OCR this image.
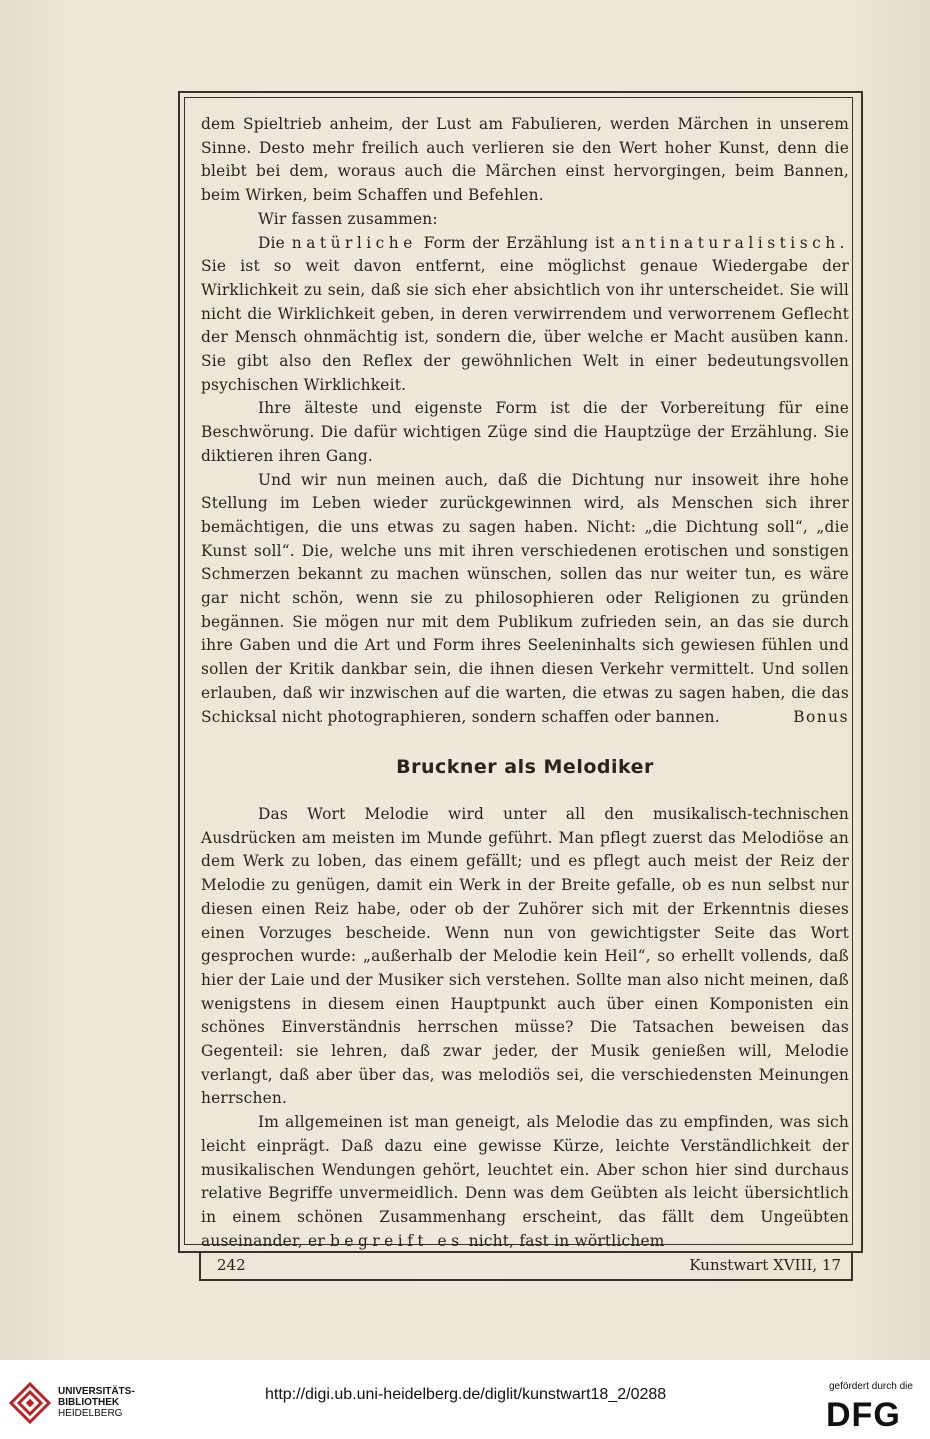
dem Spieltrieb anheim, der Lust am Fabulieren, werden Märchen in unserem Sinne. Desto mehr freilich auch verlieren sie den Wert hoher Kunst, denn die bleibt bei dem, woraus auch die Märchen einst hervorgingen, beim Bannen, beim Wirken, beim Schaffen und Befehlen.

Wir fassen zusammen:

Die natürliche Form der Erzählung ist antinaturalistisch. Sie ist so weit davon entfernt, eine möglichst genaue Wiedergabe der Wirklichkeit zu sein, daß sie sich eher absichtlich von ihr unterscheidet. Sie will nicht die Wirklichkeit geben, in deren verwirrendem und verworrenem Geflecht der Mensch ohnmächtig ist, sondern die, über welche er Macht ausüben kann. Sie gibt also den Reflex der gewöhnlichen Welt in einer bedeutungsvollen psychischen Wirklichkeit.

Ihre älteste und eigenste Form ist die der Vorbereitung für eine Beschwörung. Die dafür wichtigen Züge sind die Hauptzüge der Erzählung. Sie diktieren ihren Gang.

Und wir nun meinen auch, daß die Dichtung nur insoweit ihre hohe Stellung im Leben wieder zurückgewinnen wird, als Menschen sich ihrer bemächtigen, die uns etwas zu sagen haben. Nicht: „die Dichtung soll“, „die Kunst soll“. Die, welche uns mit ihren verschiedenen erotischen und sonstigen Schmerzen bekannt zu machen wünschen, sollen das nur weiter tun, es wäre gar nicht schön, wenn sie zu philosophieren oder Religionen zu gründen begännen. Sie mögen nur mit dem Publikum zufrieden sein, an das sie durch ihre Gaben und die Art und Form ihres Seeleninhalts sich gewiesen fühlen und sollen der Kritik dankbar sein, die ihnen diesen Verkehr vermittelt. Und sollen erlauben, daß wir inzwischen auf die warten, die etwas zu sagen haben, die das Schicksal nicht photographieren, sondern schaffen oder bannen.	Bonus
Bruckner als Melodiker

Das Wort Melodie wird unter all den musikalisch-technischen Ausdrücken am meisten im Munde geführt. Man pflegt zuerst das Melodiöse an dem Werk zu loben, das einem gefällt; und es pflegt auch meist der Reiz der Melodie zu genügen, damit ein Werk in der Breite gefalle, ob es nun selbst nur diesen einen Reiz habe, oder ob der Zuhörer sich mit der Erkenntnis dieses einen Vorzuges bescheide. Wenn nun von gewichtigster Seite das Wort gesprochen wurde: „außerhalb der Melodie kein Heil“, so erhellt vollends, daß hier der Laie und der Musiker sich verstehen. Sollte man also nicht meinen, daß wenigstens in diesem einen Hauptpunkt auch über einen Komponisten ein schönes Einverständnis herrschen müsse? Die Tatsachen beweisen das Gegenteil: sie lehren, daß zwar jeder, der Musik genießen will, Melodie verlangt, daß aber über das, was melodiös sei, die verschiedensten Meinungen herrschen.

Im allgemeinen ist man geneigt, als Melodie das zu empfinden, was sich leicht einprägt. Daß dazu eine gewisse Kürze, leichte Verständlichkeit der musikalischen Wendungen gehört, leuchtet ein. Aber schon hier sind durchaus relative Begriffe unvermeidlich. Denn was dem Geübten als leicht übersichtlich in einem schönen Zusammenhang erscheint, das fällt dem Ungeübten auseinander, er begreift es nicht, fast in wörtlichem

242	Kunstwart XVIII, 17
UNIVERSITÄTS-
BIBLIOTHEK
HEIDELBERG
http://digi.ub.uni-heidelberg.de/diglit/kunstwart18_2/0288	gefördert durch die
DFG
